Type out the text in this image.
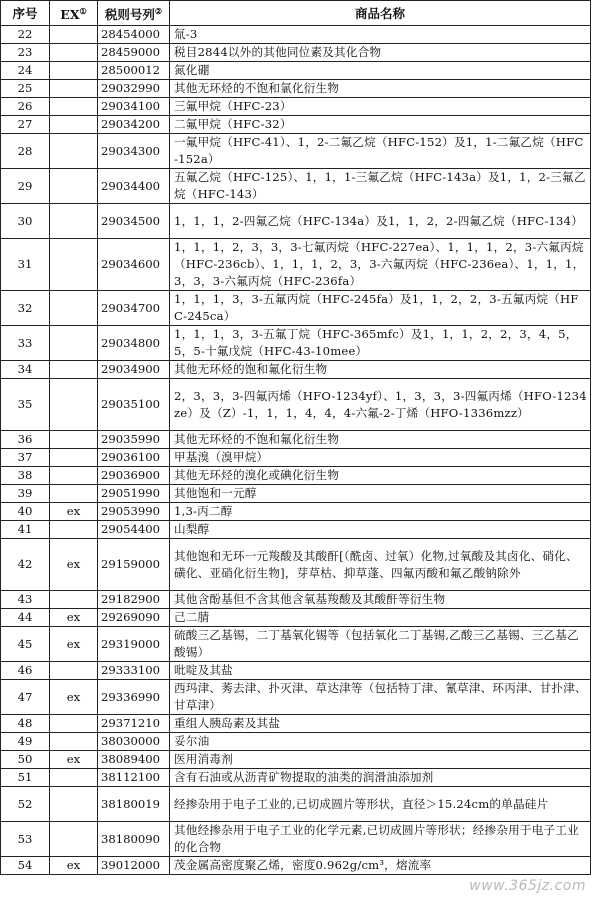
序号	EX①	税则号列②	商品名称
22		28454000	氚-3
23		28459000	税目2844以外的其他同位素及其化合物
24		28500012	氮化硼
25		29032990	其他无环烃的不饱和氯化衍生物
26		29034100	三氟甲烷（HFC-23）
27		29034200	二氟甲烷（HFC-32）
28		29034300	一氟甲烷（HFC-41）、1，2-二氟乙烷（HFC-152）及1，1-二氟乙烷（HFC-152a）
29		29034400	五氟乙烷（HFC-125）、1，1，1-三氟乙烷（HFC-143a）及1，1，2-三氟乙烷（HFC-143）
30		29034500	1，1，1，2-四氟乙烷（HFC-134a）及1，1，2，2-四氟乙烷（HFC-134）
31		29034600	1，1，1，2，3，3，3-七氟丙烷（HFC-227ea）、1，1，1，2，3-六氟丙烷（HFC-236cb）、1，1，1，2，3，3-六氟丙烷（HFC-236ea）、1，1，1，3，3，3-六氟丙烷（HFC-236fa）
32		29034700	1，1，1，3，3-五氟丙烷（HFC-245fa）及1，1，2，2，3-五氟丙烷（HFC-245ca）
33		29034800	1，1，1，3，3-五氟丁烷（HFC-365mfc）及1，1，1，2，2，3，4，5，5，5-十氟戊烷（HFC-43-10mee）
34		29034900	其他无环烃的饱和氟化衍生物
35		29035100	2，3，3，3-四氟丙烯（HFO-1234yf）、1，3，3，3-四氟丙烯（HFO-1234ze）及（Z）-1，1，1，4，4，4-六氟-2-丁烯（HFO-1336mzz）
36		29035990	其他无环烃的不饱和氟化衍生物
37		29036100	甲基溴（溴甲烷）
38		29036900	其他无环烃的溴化或碘化衍生物
39		29051990	其他饱和一元醇
40	ex	29053990	1,3-丙二醇
41		29054400	山梨醇
42	ex	29159000	其他饱和无环一元羧酸及其酸酐[（酰卤、过氧）化物,过氧酸及其卤化、硝化、磺化、亚硝化衍生物]，芽草枯、抑草蓬、四氟丙酸和氟乙酸钠除外
43		29182900	其他含酚基但不含其他含氧基羧酸及其酸酐等衍生物
44	ex	29269090	己二腈
45	ex	29319000	硫酸三乙基锡，二丁基氧化锡等（包括氧化二丁基锡,乙酸三乙基锡、三乙基乙酸锡）
46		29333100	吡啶及其盐
47	ex	29336990	西玛津、莠去津、扑灭津、草达津等（包括特丁津、氰草津、环丙津、甘扑津、甘草津）
48		29371210	重组人胰岛素及其盐
49		38030000	妥尔油
50	ex	38089400	医用消毒剂
51		38112100	含有石油或从沥青矿物提取的油类的润滑油添加剂
52		38180019	经掺杂用于电子工业的,已切成圆片等形状，直径＞15.24cm的单晶硅片
53		38180090	其他经掺杂用于电子工业的化学元素,已切成圆片等形状；经掺杂用于电子工业的化合物
54	ex	39012000	茂金属高密度聚乙烯，密度0.962g/cm³，熔流率
www.365jz.com
